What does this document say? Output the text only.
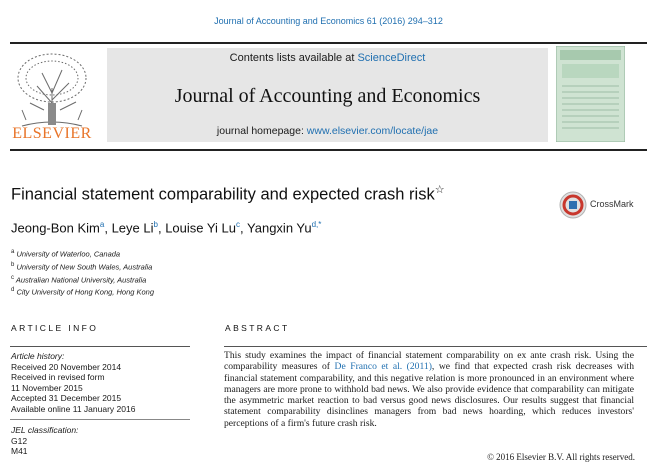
Journal of Accounting and Economics 61 (2016) 294–312
ELSEVIER
Contents lists available at ScienceDirect
Journal of Accounting and Economics
journal homepage: www.elsevier.com/locate/jae
Financial statement comparability and expected crash risk☆
CrossMark
Jeong-Bon Kim$^a$, Leye Li$^b$, Louise Yi Lu$^c$, Yangxin $Yu^{d,*}$
$^a$ University of Waterloo, Canada
$^b$ University of New South Wales, Australia
$^c$ Australian National University, Australia
$^d$ City University of Hong Kong, Hong Kong
ARTICLE INFO	ABSTRACT
Article history:
Received 20 November 2014
Received in revised form
11 November 2015
Accepted 31 December 2015
Available online 11 January 2016
JEL classification:
G12
M41
This study examines the impact of financial statement comparability on ex ante crash risk. Using the comparability measures of De Franco et al. (2011), we find that expected crash risk decreases with financial statement comparability, and this negative relation is more pronounced in an environment where managers are more prone to withhold bad news. We also provide evidence that comparability can mitigate the asymmetric market reaction to bad versus good news disclosures. Our results suggest that financial statement comparability disinclines managers from bad news hoarding, which reduces investors' perceptions of a firm's future crash risk.
© 2016 Elsevier B.V. All rights reserved.
